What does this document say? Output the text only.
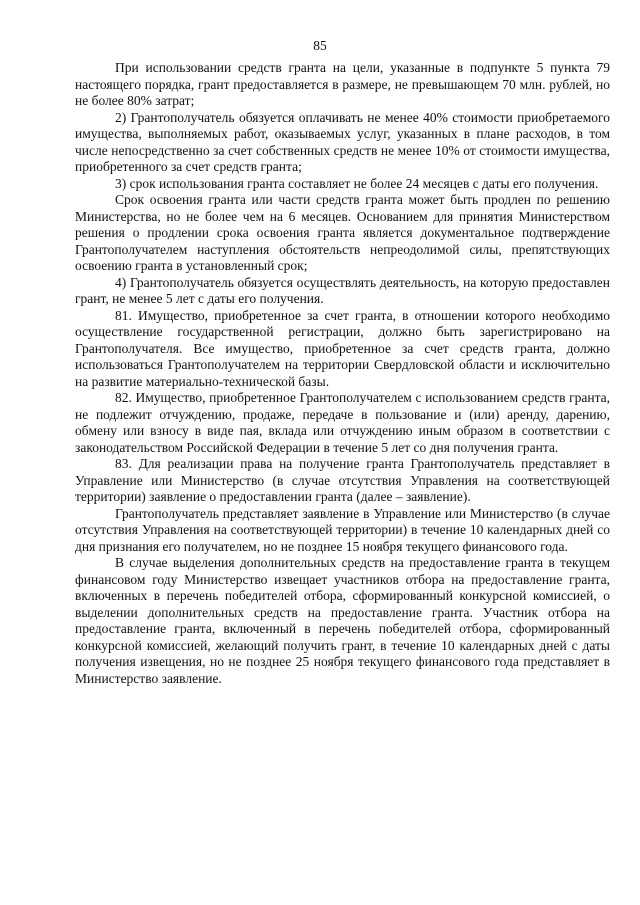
85

При использовании средств гранта на цели, указанные в подпункте 5 пункта 79 настоящего порядка, грант предоставляется в размере, не превышающем 70 млн. рублей, но не более 80% затрат;

2) Грантополучатель обязуется оплачивать не менее 40% стоимости приобретаемого имущества, выполняемых работ, оказываемых услуг, указанных в плане расходов, в том числе непосредственно за счет собственных средств не менее 10% от стоимости имущества, приобретенного за счет средств гранта;

3) срок использования гранта составляет не более 24 месяцев с даты его получения.

Срок освоения гранта или части средств гранта может быть продлен по решению Министерства, но не более чем на 6 месяцев. Основанием для принятия Министерством решения о продлении срока освоения гранта является документальное подтверждение Грантополучателем наступления обстоятельств непреодолимой силы, препятствующих освоению гранта в установленный срок;

4) Грантополучатель обязуется осуществлять деятельность, на которую предоставлен грант, не менее 5 лет с даты его получения.

81. Имущество, приобретенное за счет гранта, в отношении которого необходимо осуществление государственной регистрации, должно быть зарегистрировано на Грантополучателя. Все имущество, приобретенное за счет средств гранта, должно использоваться Грантополучателем на территории Свердловской области и исключительно на развитие материально-технической базы.

82. Имущество, приобретенное Грантополучателем с использованием средств гранта, не подлежит отчуждению, продаже, передаче в пользование и (или) аренду, дарению, обмену или взносу в виде пая, вклада или отчуждению иным образом в соответствии с законодательством Российской Федерации в течение 5 лет со дня получения гранта.

83. Для реализации права на получение гранта Грантополучатель представляет в Управление или Министерство (в случае отсутствия Управления на соответствующей территории) заявление о предоставлении гранта (далее – заявление).

Грантополучатель представляет заявление в Управление или Министерство (в случае отсутствия Управления на соответствующей территории) в течение 10 календарных дней со дня признания его получателем, но не позднее 15 ноября текущего финансового года.

В случае выделения дополнительных средств на предоставление гранта в текущем финансовом году Министерство извещает участников отбора на предоставление гранта, включенных в перечень победителей отбора, сформированный конкурсной комиссией, о выделении дополнительных средств на предоставление гранта. Участник отбора на предоставление гранта, включенный в перечень победителей отбора, сформированный конкурсной комиссией, желающий получить грант, в течение 10 календарных дней с даты получения извещения, но не позднее 25 ноября текущего финансового года представляет в Министерство заявление.
